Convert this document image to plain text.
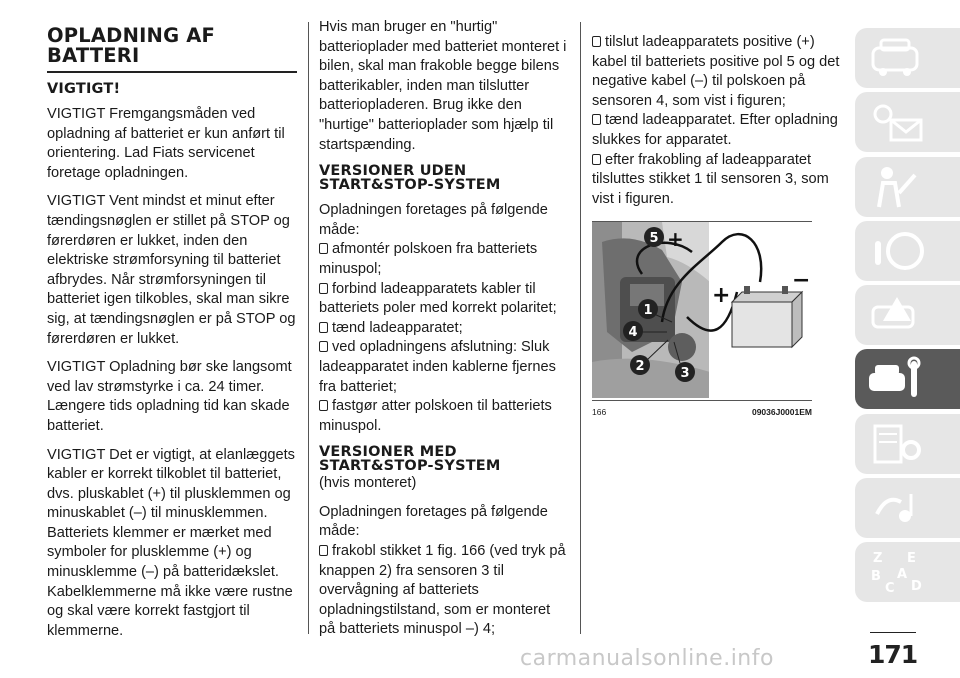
OPLADNING AF BATTERI
VIGTIGT!

VIGTIGT Fremgangsmåden ved opladning af batteriet er kun anført til orientering. Lad Fiats servicenet foretage opladningen.

VIGTIGT Vent mindst et minut efter tændingsnøglen er stillet på STOP og førerdøren er lukket, inden den elektriske strømforsyning til batteriet afbrydes. Når strømforsyningen til batteriet igen tilkobles, skal man sikre sig, at tændingsnøglen er på STOP og førerdøren er lukket.

VIGTIGT Opladning bør ske langsomt ved lav strømstyrke i ca. 24 timer. Længere tids opladning tid kan skade batteriet.

VIGTIGT Det er vigtigt, at elanlæggets kabler er korrekt tilkoblet til batteriet, dvs. pluskablet (+) til plusklemmen og minuskablet (–) til minusklemmen. Batteriets klemmer er mærket med symboler for plusklemme (+) og minusklemme (–) på batteridækslet. Kabelklemmerne må ikke være rustne og skal være korrekt fastgjort til klemmerne.

Hvis man bruger en "hurtig" batterioplader med batteriet monteret i bilen, skal man frakoble begge bilens batterikabler, inden man tilslutter batteriopladeren. Brug ikke den "hurtige" batterioplader som hjælp til startspænding.

VERSIONER UDEN START&STOP-SYSTEM

Opladningen foretages på følgende måde:

afmontér polskoen fra batteriets minuspol;
forbind ladeapparatets kabler til batteriets poler med korrekt polaritet;
tænd ladeapparatet;
ved opladningens afslutning: Sluk ladeapparatet inden kablerne fjernes fra batteriet;
fastgør atter polskoen til batteriets minuspol.
VERSIONER MED START&STOP-SYSTEM

(hvis monteret)

Opladningen foretages på følgende måde:

frakobl stikket 1 fig. 166 (ved tryk på knappen 2) fra sensoren 3 til overvågning af batteriets opladningstilstand, som er monteret på batteriets minuspol –) 4;
tilslut ladeapparatets positive (+) kabel til batteriets positive pol 5 og det negative kabel (–) til polskoen på sensoren 4, som vist i figuren;
tænd ladeapparatet. Efter opladning slukkes for apparatet.
efter frakobling af ladeapparatet tilsluttes stikket 1 til sensoren 3, som vist i figuren.
+
−
+
5
1
4
2	3
166	09036J0001EM
Z E
B A
C D
171
carmanualsonline.info
